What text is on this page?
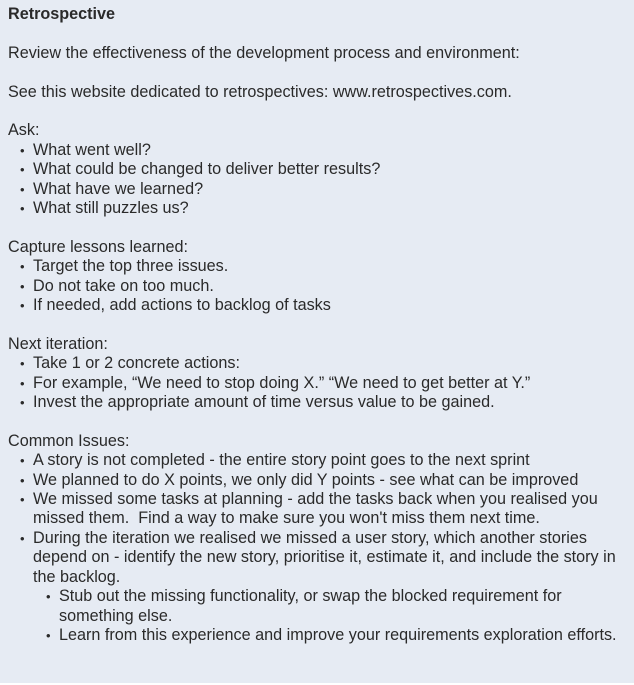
Retrospective

Review the effectiveness of the development process and environment:

See this website dedicated to retrospectives: www.retrospectives.com.

Ask:

• What went well?
• What could be changed to deliver better results?
• What have we learned?
• What still puzzles us?

Capture lessons learned:

• Target the top three issues.
• Do not take on too much.
• If needed, add actions to backlog of tasks

Next iteration:

• Take 1 or 2 concrete actions:
• For example, “We need to stop doing X.” “We need to get better at Y.”
• Invest the appropriate amount of time versus value to be gained.

Common Issues:

• A story is not completed - the entire story point goes to the next sprint
• We planned to do X points, we only did Y points - see what can be improved
• We missed some tasks at planning - add the tasks back when you realised you missed them.  Find a way to make sure you won't miss them next time.
• During the iteration we realised we missed a user story, which another stories depend on - identify the new story, prioritise it, estimate it, and include the story in the backlog.
• Stub out the missing functionality, or swap the blocked requirement for something else.
• Learn from this experience and improve your requirements exploration efforts.
